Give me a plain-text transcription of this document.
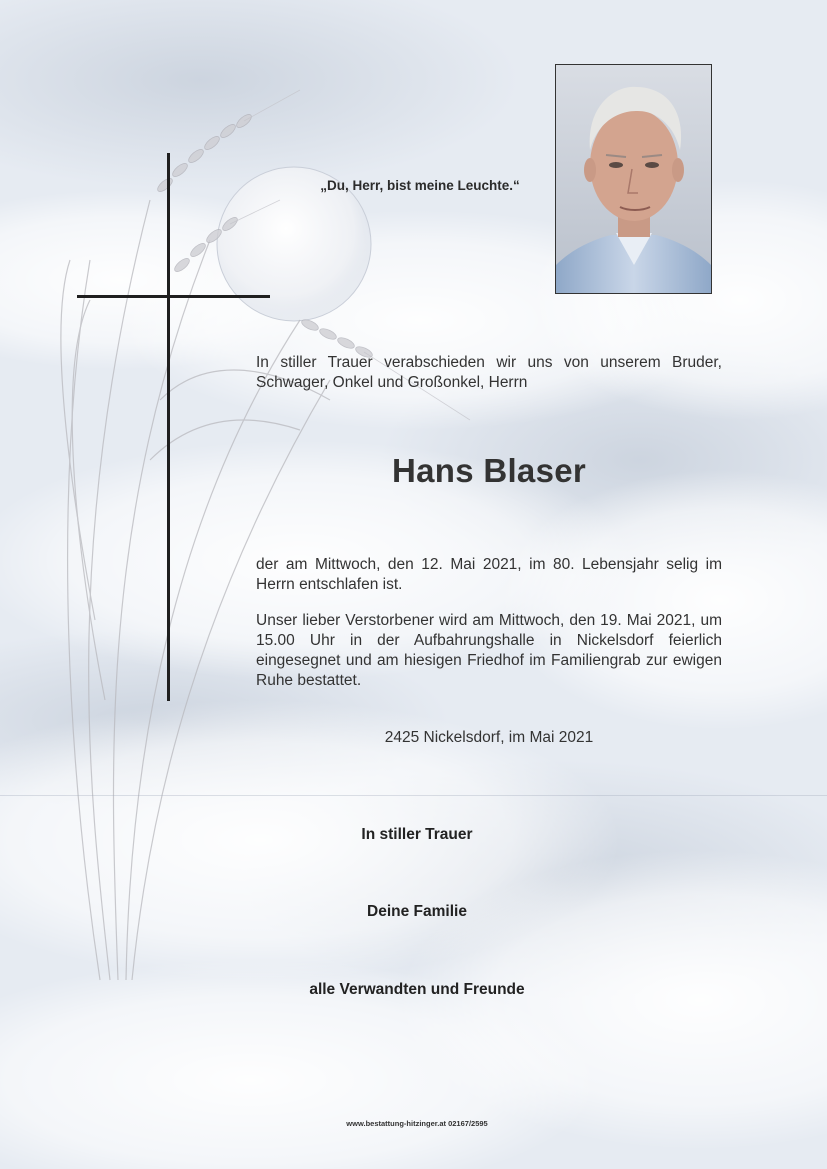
„Du, Herr, bist meine Leuchte.“
In stiller Trauer verabschieden wir uns von unserem Bruder, Schwager, Onkel und Großonkel, Herrn
Hans Blaser
der am Mittwoch, den 12. Mai 2021, im 80. Lebensjahr selig im Herrn entschlafen ist.
Unser lieber Verstorbener wird am Mittwoch, den 19. Mai 2021, um 15.00 Uhr in der Aufbahrungshalle in Nickelsdorf feierlich eingesegnet und am hiesigen Friedhof im Familiengrab zur ewigen Ruhe bestattet.
2425 Nickelsdorf, im Mai 2021
In stiller Trauer
Deine Familie
alle Verwandten und Freunde
www.bestattung-hitzinger.at 02167/2595
